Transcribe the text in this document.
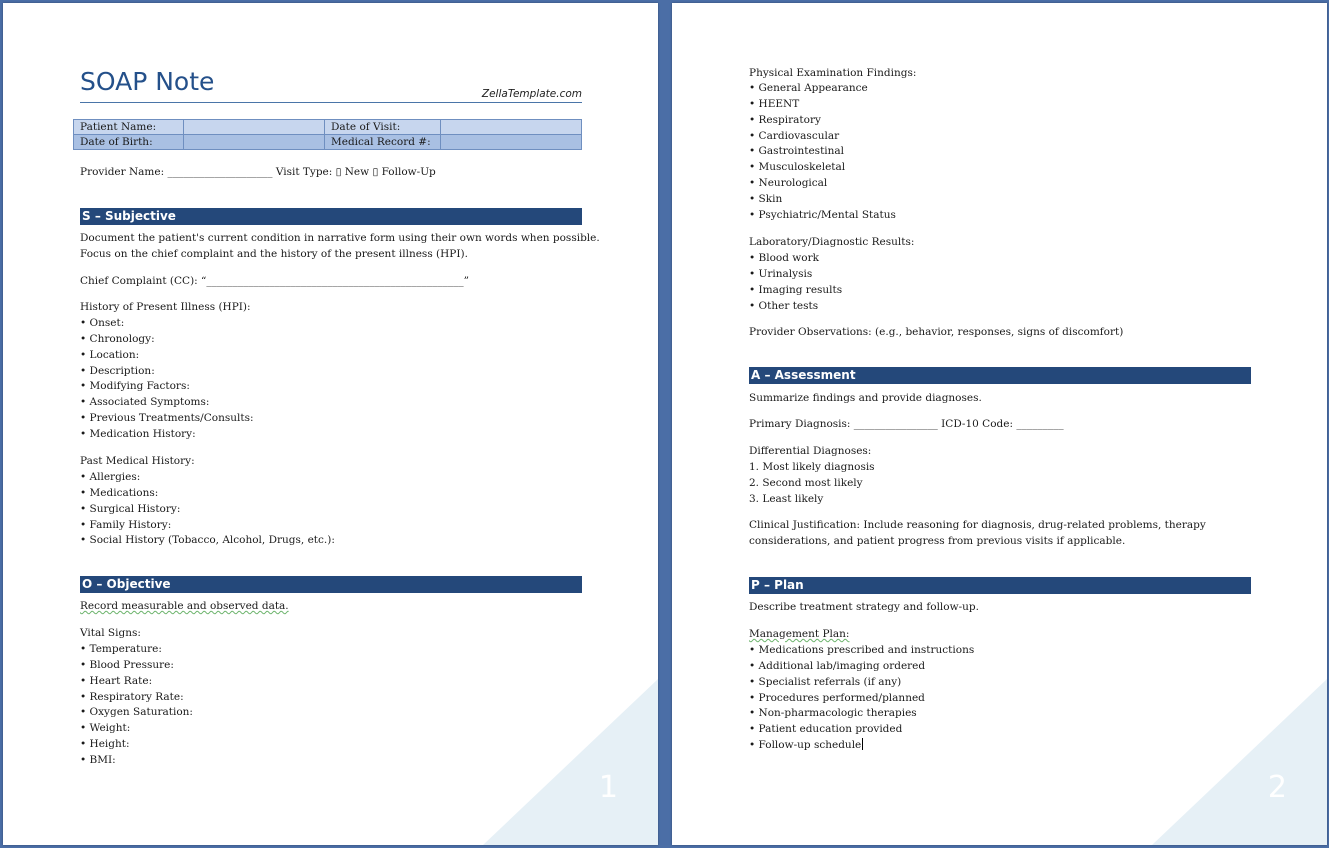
1
SOAP Note	ZellaTemplate.com
Patient Name:		Date of Visit:	
Date of Birth:		Medical Record #:	
Provider Name: ____________________ Visit Type: ▯ New ▯ Follow-Up
S – Subjective
Document the patient's current condition in narrative form using their own words when possible.
Focus on the chief complaint and the history of the present illness (HPI).
Chief Complaint (CC): “_________________________________________________”
History of Present Illness (HPI):
• Onset:
• Chronology:
• Location:
• Description:
• Modifying Factors:
• Associated Symptoms:
• Previous Treatments/Consults:
• Medication History:
Past Medical History:
• Allergies:
• Medications:
• Surgical History:
• Family History:
• Social History (Tobacco, Alcohol, Drugs, etc.):
O – Objective
Record measurable and observed data.
Vital Signs:
• Temperature:
• Blood Pressure:
• Heart Rate:
• Respiratory Rate:
• Oxygen Saturation:
• Weight:
• Height:
• BMI:
2
Physical Examination Findings:
• General Appearance
• HEENT
• Respiratory
• Cardiovascular
• Gastrointestinal
• Musculoskeletal
• Neurological
• Skin
• Psychiatric/Mental Status
Laboratory/Diagnostic Results:
• Blood work
• Urinalysis
• Imaging results
• Other tests
Provider Observations: (e.g., behavior, responses, signs of discomfort)
A – Assessment
Summarize findings and provide diagnoses.
Primary Diagnosis: ________________ ICD-10 Code: _________
Differential Diagnoses:
1. Most likely diagnosis
2. Second most likely
3. Least likely
Clinical Justification: Include reasoning for diagnosis, drug-related problems, therapy
considerations, and patient progress from previous visits if applicable.
P – Plan
Describe treatment strategy and follow-up.
Management Plan:
• Medications prescribed and instructions
• Additional lab/imaging ordered
• Specialist referrals (if any)
• Procedures performed/planned
• Non-pharmacologic therapies
• Patient education provided
• Follow-up schedule
